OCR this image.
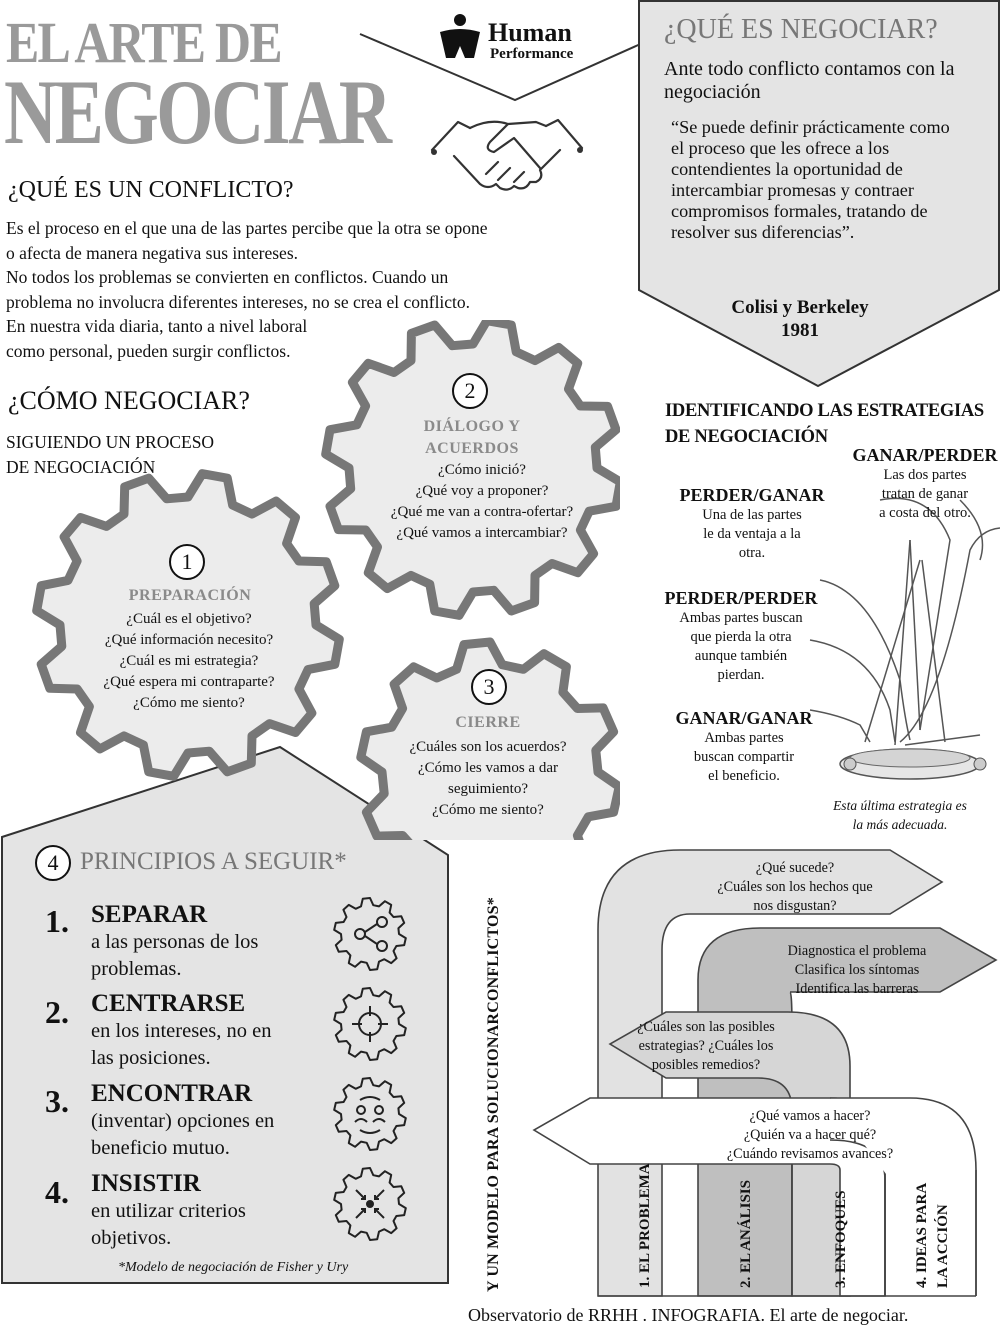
EL ARTE DE
NEGOCIAR
Human
Performance
¿QUÉ ES NEGOCIAR?
Ante todo conflicto contamos con la negociación
“Se puede definir prácticamente como el proceso que les ofrece a los contendientes la oportunidad de intercambiar promesas y contraer compromisos formales, tratando de resolver sus diferencias”.
Colisi y Berkeley
1981
¿QUÉ ES UN CONFLICTO?
Es el proceso en el que una de las partes percibe que la otra se opone
o afecta de manera negativa sus intereses.
No todos los problemas se convierten en conflictos. Cuando un
problema no involucra diferentes intereses, no se crea el conflicto.
En nuestra vida diaria, tanto a nivel laboral
como personal, pueden surgir conflictos.
¿CÓMO NEGOCIAR?
SIGUIENDO UN PROCESO
DE NEGOCIACIÓN
1
PREPARACIÓN
¿Cuál es el objetivo?
¿Qué información necesito?
¿Cuál es mi estrategia?
¿Qué espera mi contraparte?
¿Cómo me siento?
2
DIÁLOGO Y
ACUERDOS
¿Cómo inició?
¿Qué voy a proponer?
¿Qué me van a contra-ofertar?
¿Qué vamos a intercambiar?
3
CIERRE
¿Cuáles son los acuerdos?
¿Cómo les vamos a dar
seguimiento?
¿Cómo me siento?
4 PRINCIPIOS A SEGUIR*
1. SEPARAR
a las personas de los
problemas.
2. CENTRARSE
en los intereses, no en
las posiciones.
3. ENCONTRAR
(inventar) opciones en
beneficio mutuo.
4. INSISTIR
en utilizar criterios
objetivos.
*Modelo de negociación de Fisher y Ury
IDENTIFICANDO LAS ESTRATEGIAS
DE NEGOCIACIÓN
GANAR/PERDER
Las dos partes
tratan de ganar
a costa del otro.
PERDER/GANAR
Una de las partes
le da ventaja a la
otra.
PERDER/PERDER
Ambas partes buscan
que pierda la otra
aunque también
pierdan.
GANAR/GANAR
Ambas partes
buscan compartir
el beneficio.
Esta última estrategia es
la más adecuada.
Y UN MODELO PARA SOLUCIONARCONFLICTOS*
¿Qué sucede?
¿Cuáles son los hechos que
nos disgustan?
Diagnostica el problema
Clasifica los síntomas
Identifica las barreras
¿Cuáles son las posibles
estrategias? ¿Cuáles los
posibles remedios?
¿Qué vamos a hacer?
¿Quién va a hacer qué?
¿Cuándo revisamos avances?
1. EL PROBLEMA	2. EL ANÁLISIS	3. ENFOQUES	4. IDEAS PARA LA ACCIÓN
Observatorio de RRHH . INFOGRAFIA. El arte de negociar.
